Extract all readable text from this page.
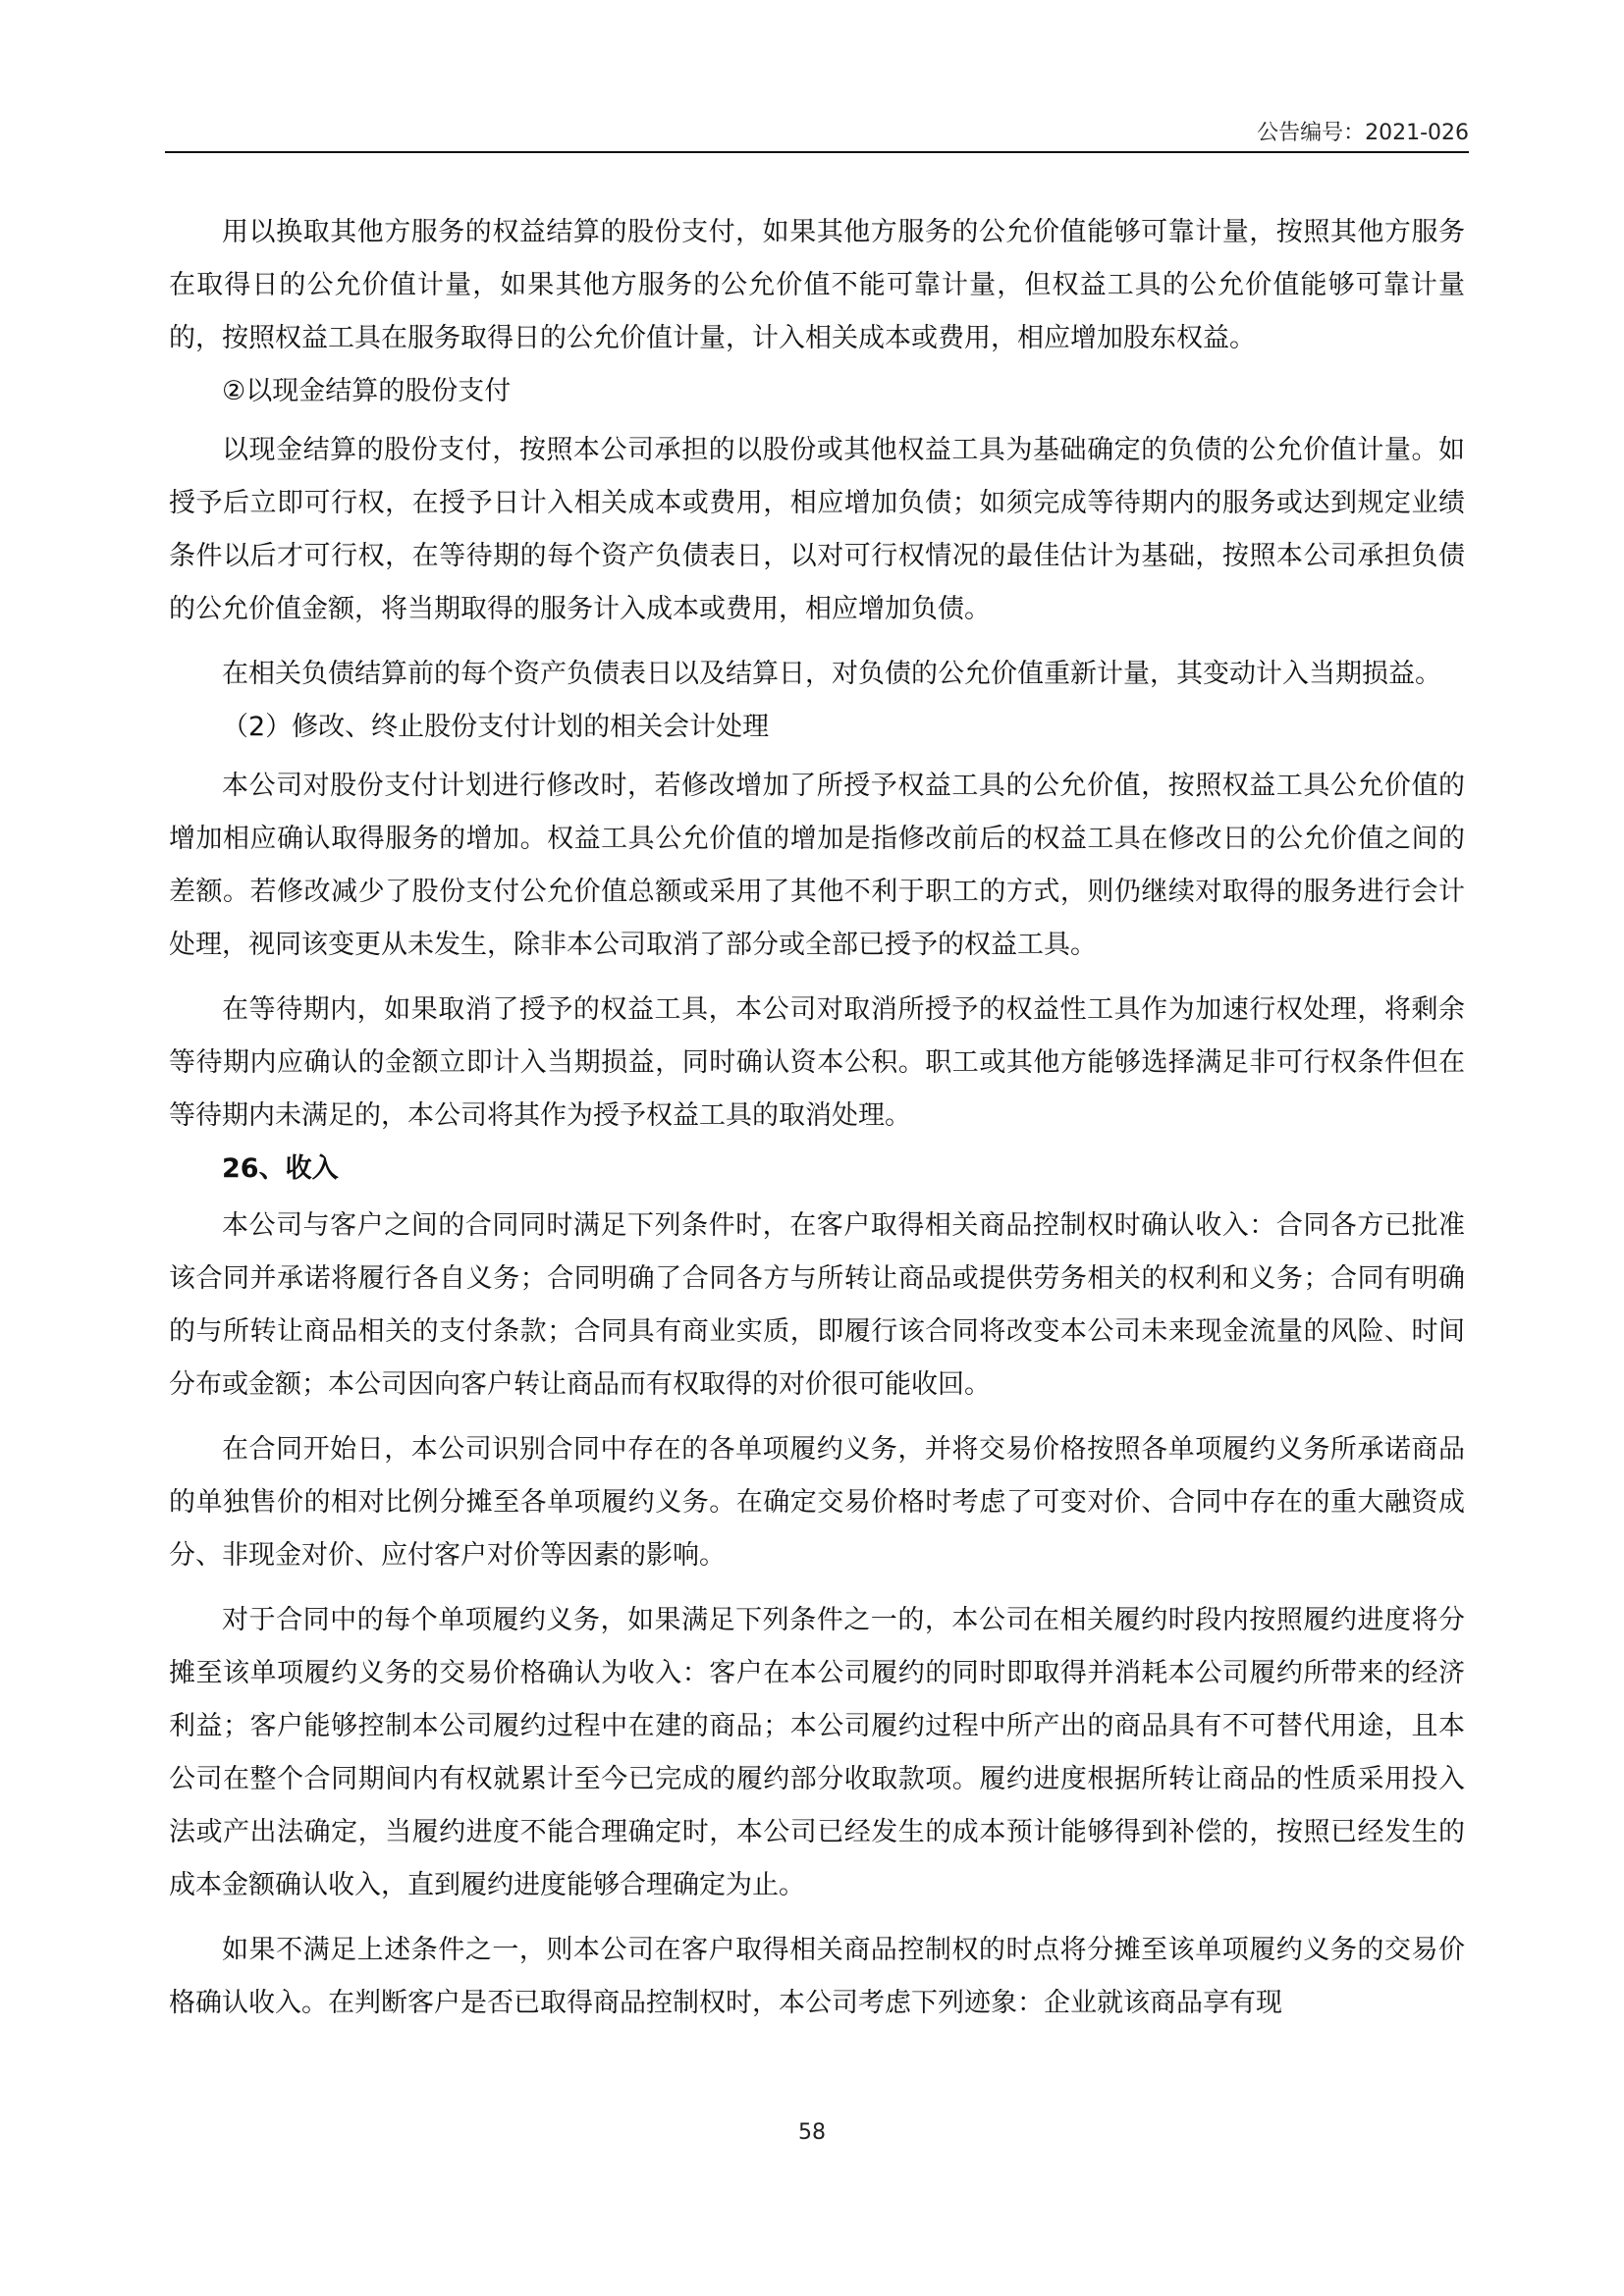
公告编号：2021-026

用以换取其他方服务的权益结算的股份支付，如果其他方服务的公允价值能够可靠计量，按照其他方服务在取得日的公允价值计量，如果其他方服务的公允价值不能可靠计量，但权益工具的公允价值能够可靠计量的，按照权益工具在服务取得日的公允价值计量，计入相关成本或费用，相应增加股东权益。

②以现金结算的股份支付

以现金结算的股份支付，按照本公司承担的以股份或其他权益工具为基础确定的负债的公允价值计量。如授予后立即可行权，在授予日计入相关成本或费用，相应增加负债；如须完成等待期内的服务或达到规定业绩条件以后才可行权，在等待期的每个资产负债表日，以对可行权情况的最佳估计为基础，按照本公司承担负债的公允价值金额，将当期取得的服务计入成本或费用，相应增加负债。

在相关负债结算前的每个资产负债表日以及结算日，对负债的公允价值重新计量，其变动计入当期损益。

（2）修改、终止股份支付计划的相关会计处理

本公司对股份支付计划进行修改时，若修改增加了所授予权益工具的公允价值，按照权益工具公允价值的增加相应确认取得服务的增加。权益工具公允价值的增加是指修改前后的权益工具在修改日的公允价值之间的差额。若修改减少了股份支付公允价值总额或采用了其他不利于职工的方式，则仍继续对取得的服务进行会计处理，视同该变更从未发生，除非本公司取消了部分或全部已授予的权益工具。

在等待期内，如果取消了授予的权益工具，本公司对取消所授予的权益性工具作为加速行权处理，将剩余等待期内应确认的金额立即计入当期损益，同时确认资本公积。职工或其他方能够选择满足非可行权条件但在等待期内未满足的，本公司将其作为授予权益工具的取消处理。

26、收入

本公司与客户之间的合同同时满足下列条件时，在客户取得相关商品控制权时确认收入：合同各方已批准该合同并承诺将履行各自义务；合同明确了合同各方与所转让商品或提供劳务相关的权利和义务；合同有明确的与所转让商品相关的支付条款；合同具有商业实质，即履行该合同将改变本公司未来现金流量的风险、时间分布或金额；本公司因向客户转让商品而有权取得的对价很可能收回。

在合同开始日，本公司识别合同中存在的各单项履约义务，并将交易价格按照各单项履约义务所承诺商品的单独售价的相对比例分摊至各单项履约义务。在确定交易价格时考虑了可变对价、合同中存在的重大融资成分、非现金对价、应付客户对价等因素的影响。

对于合同中的每个单项履约义务，如果满足下列条件之一的，本公司在相关履约时段内按照履约进度将分摊至该单项履约义务的交易价格确认为收入：客户在本公司履约的同时即取得并消耗本公司履约所带来的经济利益；客户能够控制本公司履约过程中在建的商品；本公司履约过程中所产出的商品具有不可替代用途，且本公司在整个合同期间内有权就累计至今已完成的履约部分收取款项。履约进度根据所转让商品的性质采用投入法或产出法确定，当履约进度不能合理确定时，本公司已经发生的成本预计能够得到补偿的，按照已经发生的成本金额确认收入，直到履约进度能够合理确定为止。

如果不满足上述条件之一，则本公司在客户取得相关商品控制权的时点将分摊至该单项履约义务的交易价格确认收入。在判断客户是否已取得商品控制权时，本公司考虑下列迹象：企业就该商品享有现

58
